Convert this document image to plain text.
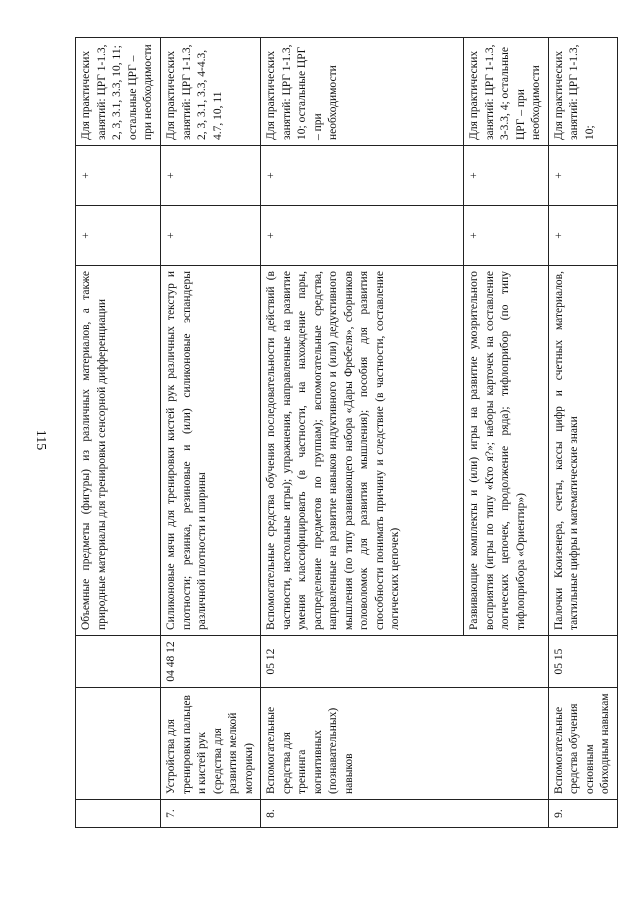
115
				Объемные предметы (фигуры) из различных материалов, а также природные материалы для тренировки сенсорной дифференциации	+	+	Для практических занятий: ЦРГ 1-1.3, 2, 3, 3.1, 3.3, 10, 11; остальные ЦРГ – при необходимости
7.	Устройства для тренировки пальцев и кистей рук (средства для развития мелкой моторики)	04 48 12	Силиконовые мячи для тренировки кистей рук различных текстур и плотности; резинка, резиновые и (или) силиконовые эспандеры различной плотности и ширины	+	+	Для практических занятий: ЦРГ 1-1.3, 2, 3, 3.1, 3.3, 4-4.3, 4.7, 10, 11
8.	Вспомогательные средства для тренинга когнитивных (познавательных) навыков	05 12	Вспомогательные средства обучения последовательности действий (в частности, настольные игры); упражнения, направленные на развитие умения классифицировать (в частности, на нахождение пары, распределение предметов по группам); вспомогательные средства, направленные на развитие навыков индуктивного и (или) дедуктивного мышления (по типу развивающего набора «Дары Фребеля», сборников головоломок для развития мышления); пособия для развития способности понимать причину и следствие (в частности, составление логических цепочек)	+	+	Для практических занятий: ЦРГ 1-1.3, 10; остальные ЦРГ – при необходимости
			Развивающие комплекты и (или) игры на развитие умозрительного восприятия (игры по типу «Кто я?»; наборы карточек на составление логических цепочек, продолжение ряда); тифлоприбор (по типу тифлоприбора «Ориентир»)	+	+	Для практических занятий: ЦРГ 1-1.3, 3-3.3, 4; остальные ЦРГ – при необходимости
9.	Вспомогательные средства обучения основным обиходным навыкам	05 15	Палочки Кюизенера, счеты, кассы цифр и счетных материалов, тактильные цифры и математические знаки	+	+	Для практических занятий: ЦРГ 1-1.3, 10;
